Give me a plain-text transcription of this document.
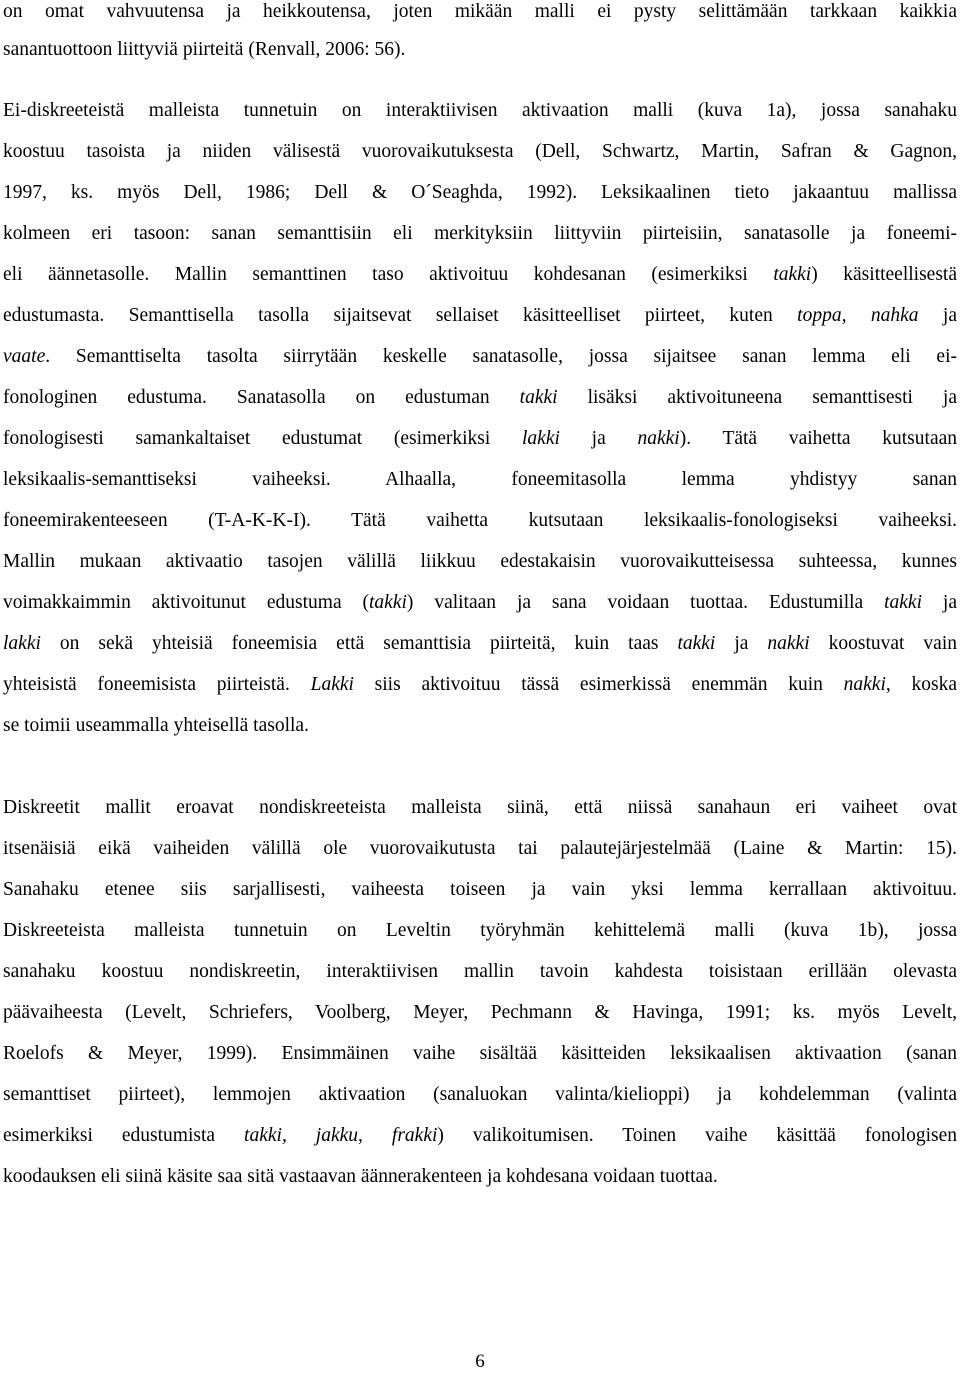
on omat vahvuutensa ja heikkoutensa, joten mikään malli ei pysty selittämään tarkkaan kaikkia
sanantuottoon liittyviä piirteitä (Renvall, 2006: 56).
Ei-diskreeteistä malleista tunnetuin on interaktiivisen aktivaation malli (kuva 1a), jossa sanahaku
koostuu tasoista ja niiden välisestä vuorovaikutuksesta (Dell, Schwartz, Martin, Safran & Gagnon,
1997, ks. myös Dell, 1986; Dell & O´Seaghda, 1992). Leksikaalinen tieto jakaantuu mallissa
kolmeen eri tasoon: sanan semanttisiin eli merkityksiin liittyviin piirteisiin, sanatasolle ja foneemi-
eli äännetasolle. Mallin semanttinen taso aktivoituu kohdesanan (esimerkiksi takki) käsitteellisestä
edustumasta. Semanttisella tasolla sijaitsevat sellaiset käsitteelliset piirteet, kuten toppa, nahka ja
vaate. Semanttiselta tasolta siirrytään keskelle sanatasolle, jossa sijaitsee sanan lemma eli ei-
fonologinen edustuma. Sanatasolla on edustuman takki lisäksi aktivoituneena semanttisesti ja
fonologisesti samankaltaiset edustumat (esimerkiksi lakki ja nakki). Tätä vaihetta kutsutaan
leksikaalis-semanttiseksi vaiheeksi. Alhaalla, foneemitasolla lemma yhdistyy sanan
foneemirakenteeseen (T-A-K-K-I). Tätä vaihetta kutsutaan leksikaalis-fonologiseksi vaiheeksi.
Mallin mukaan aktivaatio tasojen välillä liikkuu edestakaisin vuorovaikutteisessa suhteessa, kunnes
voimakkaimmin aktivoitunut edustuma (takki) valitaan ja sana voidaan tuottaa. Edustumilla takki ja
lakki on sekä yhteisiä foneemisia että semanttisia piirteitä, kuin taas takki ja nakki koostuvat vain
yhteisistä foneemisista piirteistä. Lakki siis aktivoituu tässä esimerkissä enemmän kuin nakki, koska
se toimii useammalla yhteisellä tasolla.
Diskreetit mallit eroavat nondiskreeteista malleista siinä, että niissä sanahaun eri vaiheet ovat
itsenäisiä eikä vaiheiden välillä ole vuorovaikutusta tai palautejärjestelmää (Laine & Martin: 15).
Sanahaku etenee siis sarjallisesti, vaiheesta toiseen ja vain yksi lemma kerrallaan aktivoituu.
Diskreeteista malleista tunnetuin on Leveltin työryhmän kehittelemä malli (kuva 1b), jossa
sanahaku koostuu nondiskreetin, interaktiivisen mallin tavoin kahdesta toisistaan erillään olevasta
päävaiheesta (Levelt, Schriefers, Voolberg, Meyer, Pechmann & Havinga, 1991; ks. myös Levelt,
Roelofs & Meyer, 1999). Ensimmäinen vaihe sisältää käsitteiden leksikaalisen aktivaation (sanan
semanttiset piirteet), lemmojen aktivaation (sanaluokan valinta/kielioppi) ja kohdelemman (valinta
esimerkiksi edustumista takki, jakku, frakki) valikoitumisen. Toinen vaihe käsittää fonologisen
koodauksen eli siinä käsite saa sitä vastaavan äännerakenteen ja kohdesana voidaan tuottaa.
6
